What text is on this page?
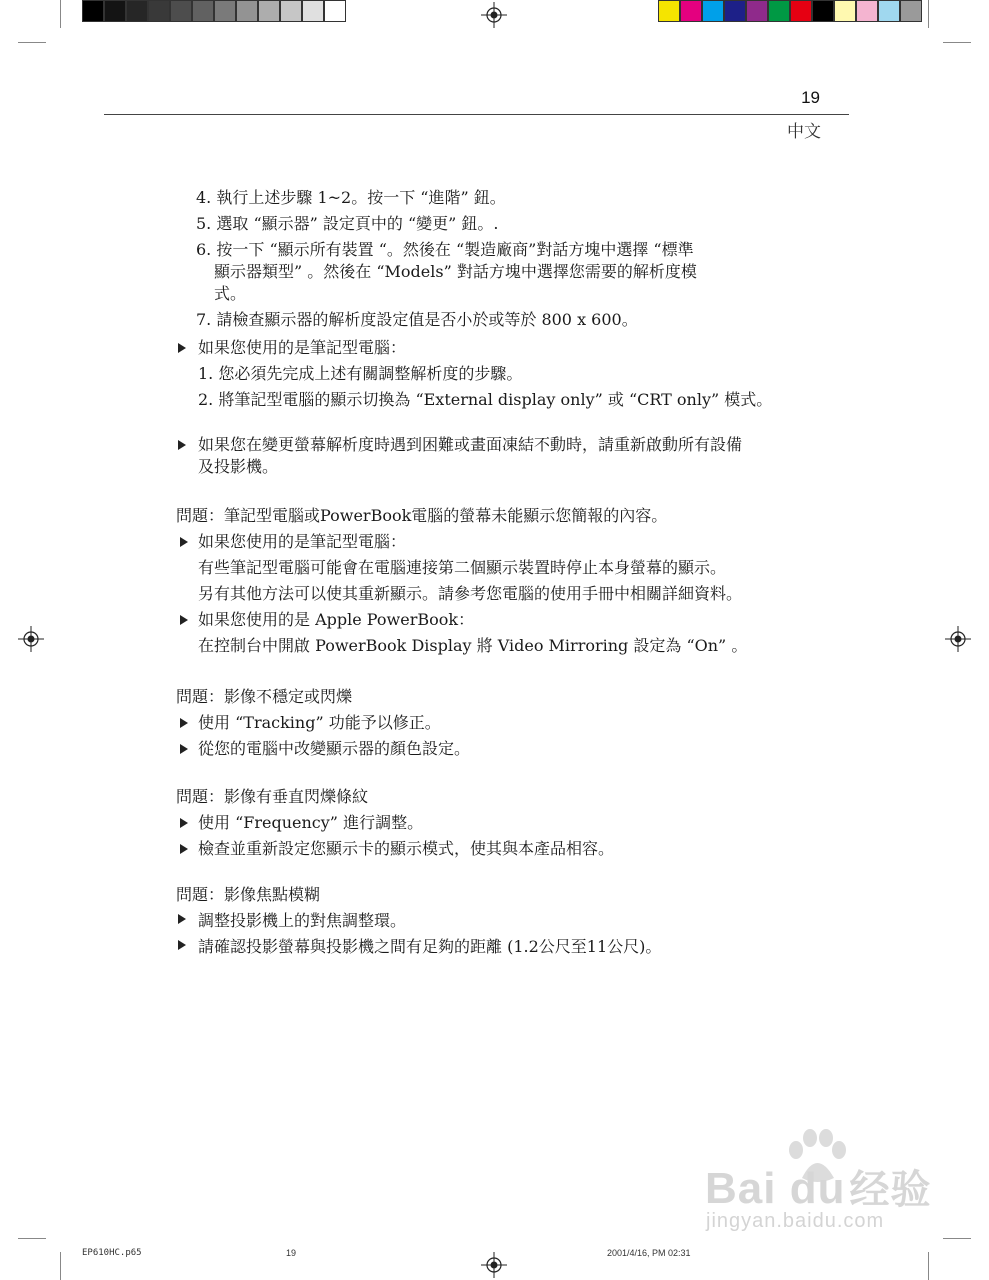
19
中文
4. 執行上述步驟 1~2。按一下 “進階” 鈕。
5. 選取 “顯示器” 設定頁中的 “變更” 鈕。.
6. 按一下 “顯示所有裝置 “。然後在 “製造廠商”對話方塊中選擇 “標準
顯示器類型” 。然後在 “Models” 對話方塊中選擇您需要的解析度模
式。
7. 請檢查顯示器的解析度設定值是否小於或等於 800 x 600。
如果您使用的是筆記型電腦：
1. 您必須先完成上述有關調整解析度的步驟。
2. 將筆記型電腦的顯示切換為 “External display only” 或 “CRT only” 模式。
如果您在變更螢幕解析度時遇到困難或畫面凍結不動時，請重新啟動所有設備
及投影機。
問題：筆記型電腦或PowerBook電腦的螢幕未能顯示您簡報的內容。
如果您使用的是筆記型電腦：
有些筆記型電腦可能會在電腦連接第二個顯示裝置時停止本身螢幕的顯示。
另有其他方法可以使其重新顯示。請參考您電腦的使用手冊中相關詳細資料。
如果您使用的是 Apple PowerBook：
在控制台中開啟 PowerBook Display 將 Video Mirroring 設定為 “On” 。
問題：影像不穩定或閃爍
使用 “Tracking” 功能予以修正。
從您的電腦中改變顯示器的顏色設定。
問題：影像有垂直閃爍條紋
使用 “Frequency” 進行調整。
檢查並重新設定您顯示卡的顯示模式，使其與本產品相容。
問題：影像焦點模糊
調整投影機上的對焦調整環。
請確認投影螢幕與投影機之間有足夠的距離 (1.2公尺至11公尺)。
Bai du 经验
jingyan.baidu.com
EP610HC.p65	19	2001/4/16, PM 02:31
